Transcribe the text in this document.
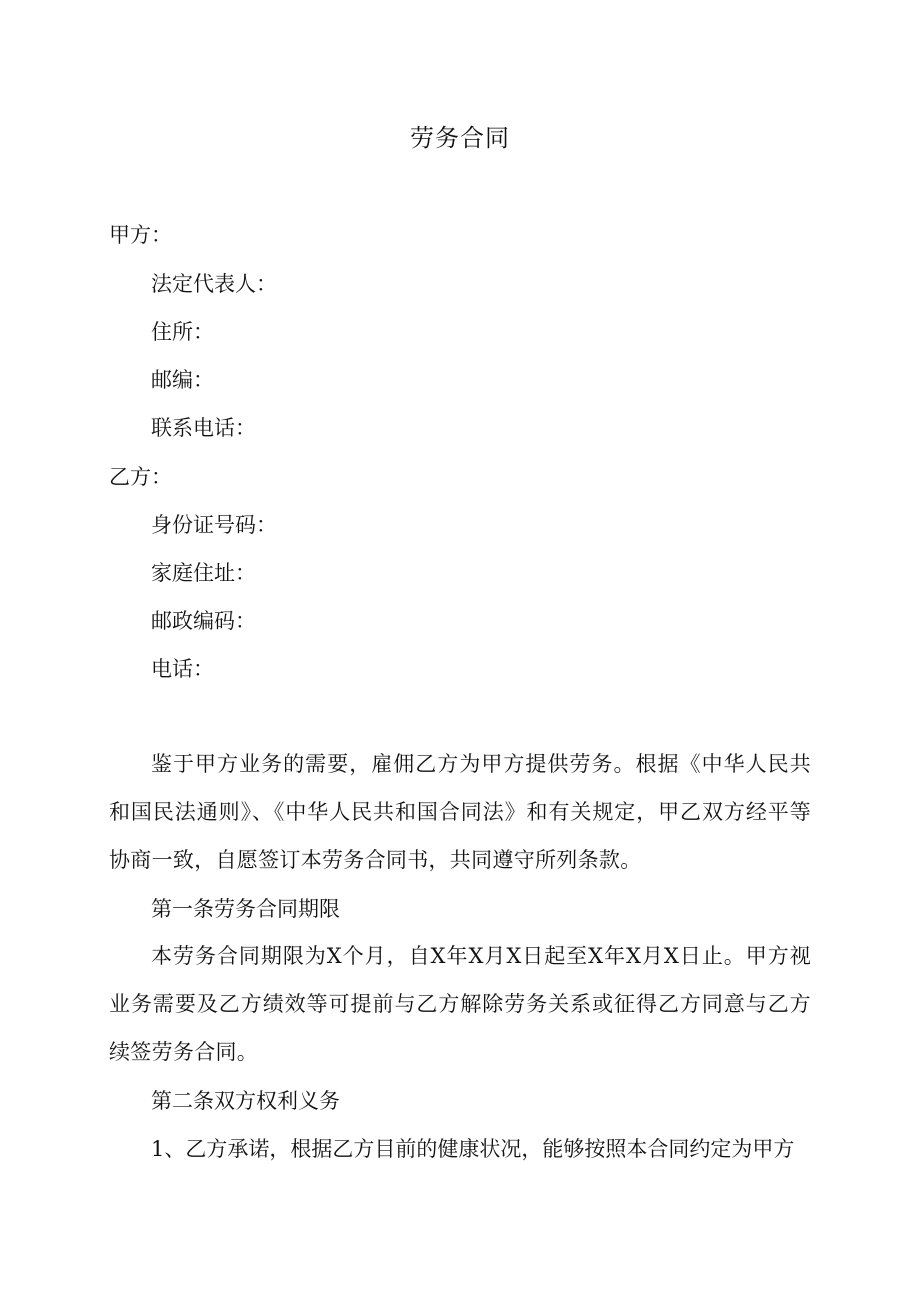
劳务合同
甲方：
法定代表人：
住所：
邮编：
联系电话：
乙方：
身份证号码：
家庭住址：
邮政编码：
电话：
鉴于甲方业务的需要，雇佣乙方为甲方提供劳务。根据《中华人民共和国民法通则》、《中华人民共和国合同法》和有关规定，甲乙双方经平等协商一致，自愿签订本劳务合同书，共同遵守所列条款。
第一条劳务合同期限
本劳务合同期限为X个月，自X年X月X日起至X年X月X日止。甲方视业务需要及乙方绩效等可提前与乙方解除劳务关系或征得乙方同意与乙方续签劳务合同。
第二条双方权利义务
1、乙方承诺，根据乙方目前的健康状况，能够按照本合同约定为甲方
